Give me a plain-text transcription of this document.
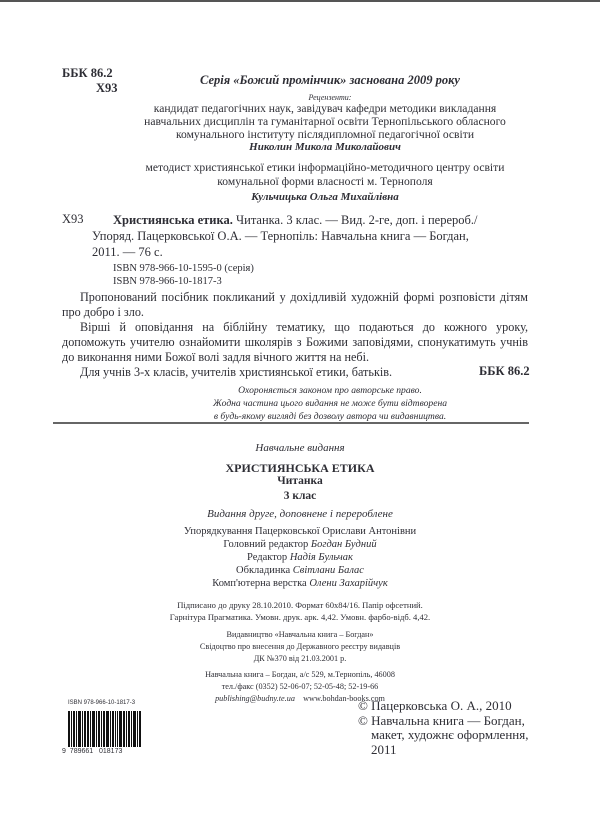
ББК 86.2
Х93
Серія «Божий промінчик» заснована 2009 року
Рецензенти:
кандидат педагогічних наук, завідувач кафедри методики викладання
навчальних дисциплін та гуманітарної освіти Тернопільського обласного
комунального інституту післядипломної педагогічної освіти
Николин Микола Миколайович
методист християнської етики інформаційно-методичного центру освіти
комунальної форми власності м. Тернополя
Кульчицька Ольга Михайлівна
Х93 Християнська етика. Читанка. 3 клас. — Вид. 2-ге, доп. і перероб./
Упоряд. Пацерковської О.А. — Тернопіль: Навчальна книга — Богдан,
2011. — 76 с.
ISBN 978-966-10-1595-0 (серія)
ISBN 978-966-10-1817-3

Пропонований посібник покликаний у дохідливій художній формі розповісти дітям про добро і зло.

Вірші й оповідання на біблійну тематику, що подаються до кожного уроку, допоможуть учителю ознайомити школярів з Божими заповідями, спонукатимуть учнів до виконання ними Божої волі задля вічного життя на небі.

Для учнів 3-х класів, учителів християнської етики, батьків.	ББК 86.2
Охороняється законом про авторське право.
Жодна частина цього видання не може бути відтворена
в будь-якому вигляді без дозволу автора чи видавництва.
Навчальне видання
ХРИСТИЯНСЬКА ЕТИКА
Читанка
3 клас
Видання друге, доповнене і перероблене
Упорядкування Пацерковської Орислави Антонівни
Головний редактор Богдан Будний
Редактор Надія Бульчак
Обкладинка Світлани Балас
Комп'ютерна верстка Олени Захарійчук
Підписано до друку 28.10.2010. Формат 60х84/16. Папір офсетний.
Гарнітура Прагматика. Умовн. друк. арк. 4,42. Умовн. фарбо-відб. 4,42.
Видавництво «Навчальна книга – Богдан»
Свідоцтво про внесення до Державного реєстру видавців
ДК №370 від 21.03.2001 р.
Навчальна книга – Богдан, а/с 529, м.Тернопіль, 46008
тел./факс (0352) 52-06-07; 52-05-48; 52-19-66
publishing@budny.te.ua www.bohdan-books.com
ISBN 978-966-10-1817-3
9 789661 018173
© Пацерковська О. А., 2010
© Навчальна книга — Богдан,
макет, художнє оформлення,
2011
